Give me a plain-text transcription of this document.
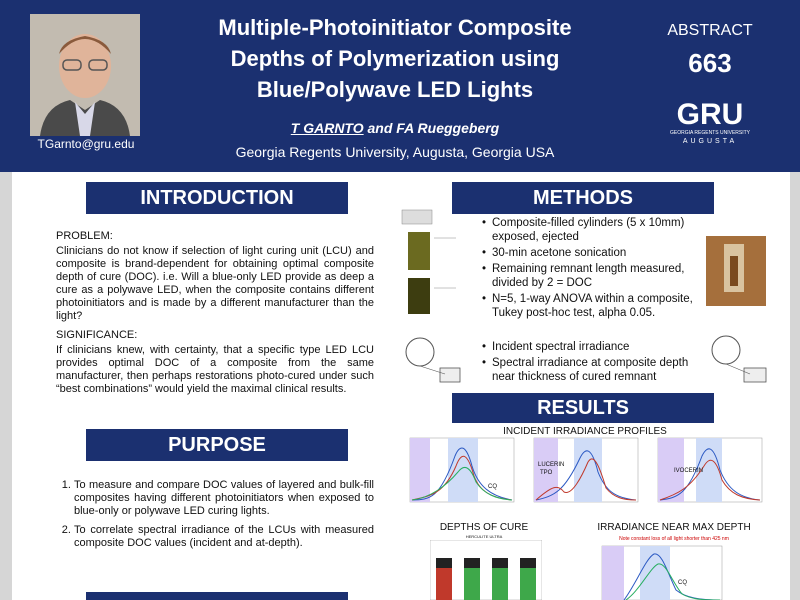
TGarnto@gru.edu
Multiple-Photoinitiator Composite
Depths of Polymerization using
Blue/Polywave LED Lights
T GARNTO and FA Rueggeberg
Georgia Regents University, Augusta, Georgia USA
ABSTRACT
663
GRU
GEORGIA REGENTS UNIVERSITY
AUGUSTA
INTRODUCTION

PROBLEM:

Clinicians do not know if selection of light curing unit (LCU) and composite is brand-dependent for obtaining optimal composite depth of cure (DOC). i.e. Will a blue-only LED provide as deep a cure as a polywave LED, when the composite contains different photoinitiators and is made by a different manufacturer than the light?

SIGNIFICANCE:

If clinicians knew, with certainty, that a specific type LED LCU provides optimal DOC of a composite from the same manufacturer, then perhaps restorations photo-cured under such “best combinations” would yield the maximal clinical results.

PURPOSE
1. To measure and compare DOC values of layered and bulk-fill composites having different photoinitiators when exposed to blue-only or polywave LED curing lights.
2. To correlate spectral irradiance of the LCUs with measured composite DOC values (incident and at-depth).
METHODS
• Composite-filled cylinders (5 x 10mm) exposed, ejected
• 30-min acetone sonication
• Remaining remnant length measured, divided by 2 = DOC
• N=5, 1-way ANOVA within a composite, Tukey post-hoc test, alpha 0.05.
• Incident spectral irradiance
• Spectral irradiance at composite depth near thickness of cured remnant
RESULTS
INCIDENT IRRADIANCE PROFILES
CQ
LUCERIN
TPO	IVOCERIN
DEPTHS OF CURE
HERCULITE ULTRA
IRRADIANCE NEAR MAX DEPTH
Note constant loss of all light shorter than 425 nm
CQ
